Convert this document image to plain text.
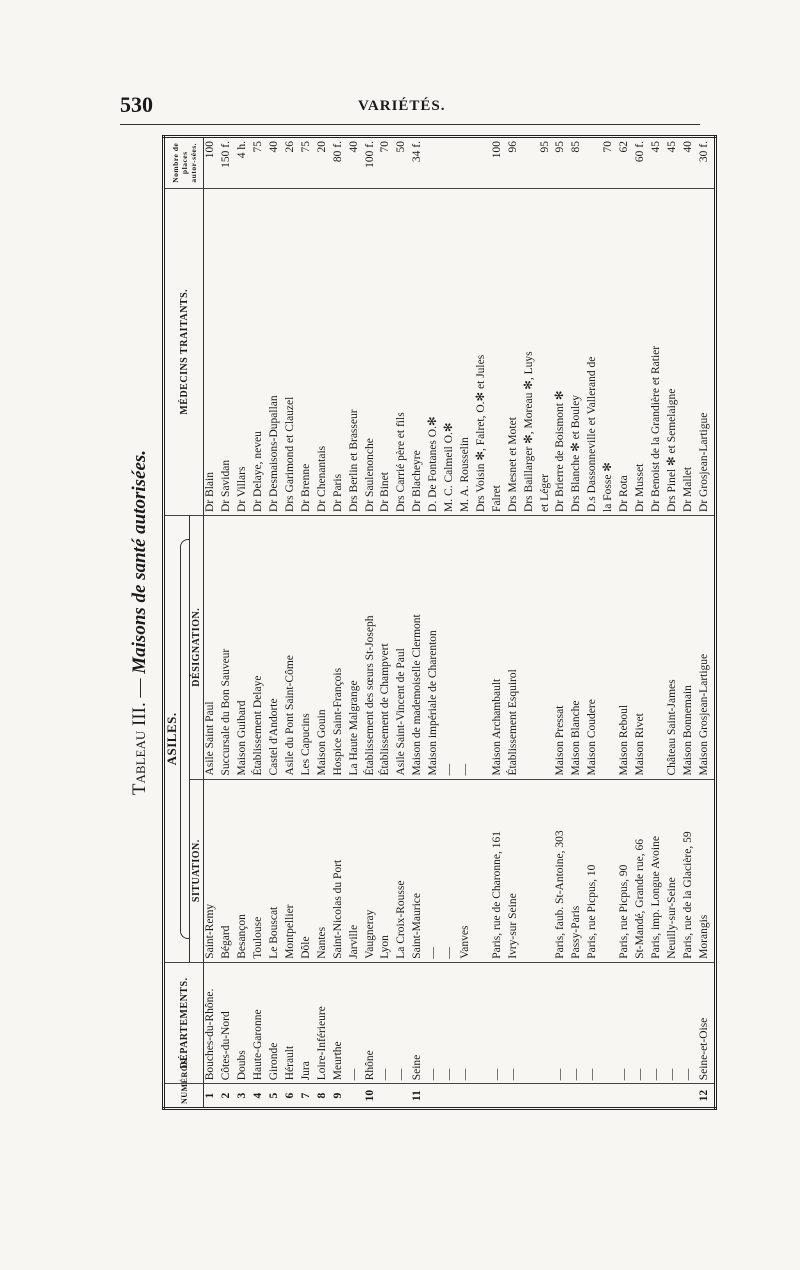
530	VARIÉTÉS.
Tableau III. — Maisons de santé autorisées.
NUMÉROS.	DÉPARTEMENTS.	ASILES.		MÉDECINS TRAITANTS.	Nombre de places autor-sées.
		SITUATION.	DÉSIGNATION.		
1	Bouches-du-Rhône.	Saint-Remy	Asile Saint Paul	Dr Blain	100
2	Côtes-du-Nord	Bégard	Succursale du Bon Sauveur	Dr Savidan	150 f.
3	Doubs	Besançon	Maison Guibard	Dr Villars	4 h.
4	Haute-Garonne	Toulouse	Établissement Delaye	Dr Delaye, neveu	75
5	Gironde	Le Bouscat	Castel d'Andorte	Dr Desmaisons-Dupallan	40
6	Hérault	Montpellier	Asile du Pont Saint-Côme	Drs Garimond et Clauzel	26
7	Jura	Dôle	Les Capucins	Dr Brenne	75
8	Loire-Inférieure	Nantes	Maison Gouin	Dr Chenantais	20
9	Meurthe	Saint-Nicolas du Port	Hospice Saint-François	Dr Paris	80 f.
	—	Jarville	La Haute Malgrange	Drs Berlin et Brasseur	40
10	Rhône	Vaugneray	Établissement des sœurs St-Joseph	Dr Saulenonche	100 f.
	—	Lyon	Établissement de Champvert	Dr Binet	70
	—	La Croix-Rousse	Asile Saint-Vincent de Paul	Drs Carrié père et fils	50
11	Seine	Saint-Maurice	Maison de mademoiselle Clermont	Dr Blacheyre	34 f.
	—	—	Maison impériale de Charenton	D. De Fontanes O.✻	
	—	—	—	M. C. Calmeil O.✻	
	—	Vanves	—	M. A. Rousselin	
				Drs Voisin ✻, Falret, O.✻ et Jules	
	—	Paris, rue de Charonne, 161	Maison Archambault	Falret	100
	—	Ivry-sur Seine	Établissement Esquirol	Drs Mesnet et Motet	96
				Drs Baillarger ✻, Moreau ✻, Luys	
				et Léger	95
	—	Paris, faub. St-Antoine, 303	Maison Pressat	Dr Brierre de Boismont ✻	95
	—	Passy-Paris	Maison Blanche	Drs Blanche ✻ et Bouley	85
	—	Paris, rue Picpus, 10	Maison Coudere	D.s Dassonneville et Vallerand de	
				la Fosse ✻	70
	—	Paris, rue Picpus, 90	Maison Reboul	Dr Rota	62
	—	St-Mandé, Grande rue, 66	Maison Rivet	Dr Musset	60 f.
	—	Paris, imp. Longue Avoine		Dr Benoist de la Grandière et Ratier	45
	—	Neuilly-sur-Seine	Château Saint-James	Drs Pinel ✻ et Semelaigne	45
	—	Paris, rue de la Glacière, 59	Maison Bonnemain	Dr Mallet	40
12	Seine-et-Oise	Morangis	Maison Grosjean-Lartigue	Dr Grosjean-Lartigue	30 f.
